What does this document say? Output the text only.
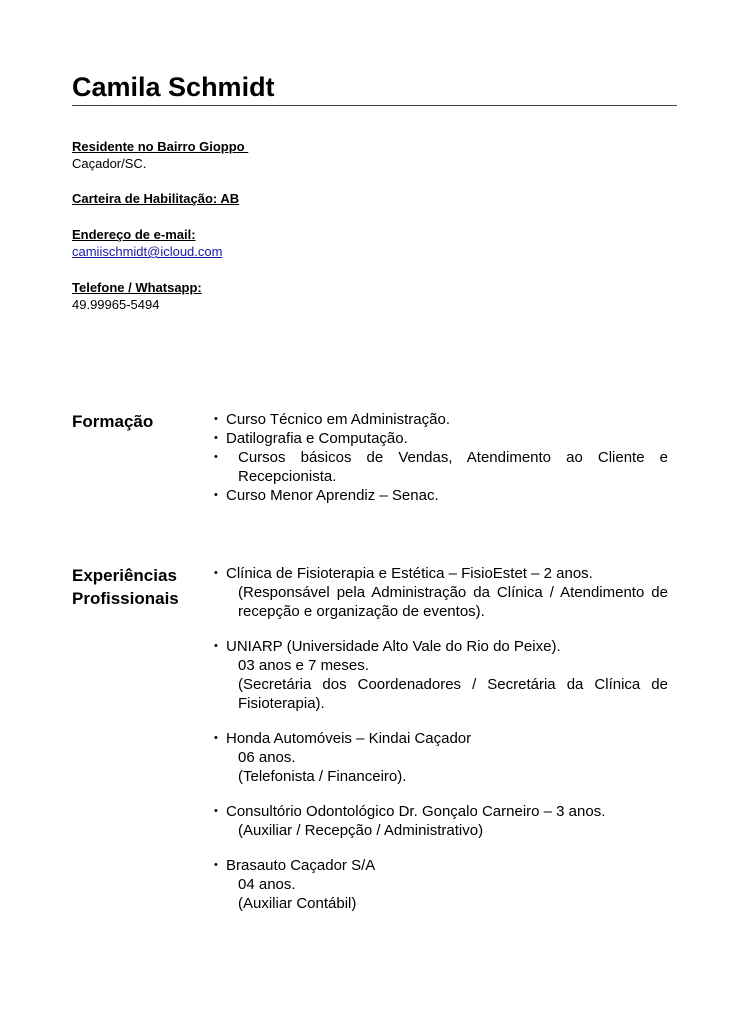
Camila Schmidt
Residente no Bairro Gioppo
Caçador/SC.
Carteira de Habilitação: AB
Endereço de e-mail:
camiischmidt@icloud.com
Telefone / Whatsapp:
49.99965-5494
Formação	• Curso Técnico em Administração.
• Datilografia e Computação.
• Cursos básicos de Vendas, Atendimento ao Cliente e Recepcionista.
• Curso Menor Aprendiz – Senac.
Experiências
Profissionais
• Clínica de Fisioterapia e Estética – FisioEstet – 2 anos.
(Responsável pela Administração da Clínica / Atendimento de recepção e organização de eventos).
• UNIARP (Universidade Alto Vale do Rio do Peixe).
03 anos e 7 meses.
(Secretária dos Coordenadores / Secretária da Clínica de Fisioterapia).
• Honda Automóveis – Kindai Caçador
06 anos.
(Telefonista / Financeiro).
• Consultório Odontológico Dr. Gonçalo Carneiro – 3 anos.
(Auxiliar / Recepção / Administrativo)
• Brasauto Caçador S/A
04 anos.
(Auxiliar Contábil)
